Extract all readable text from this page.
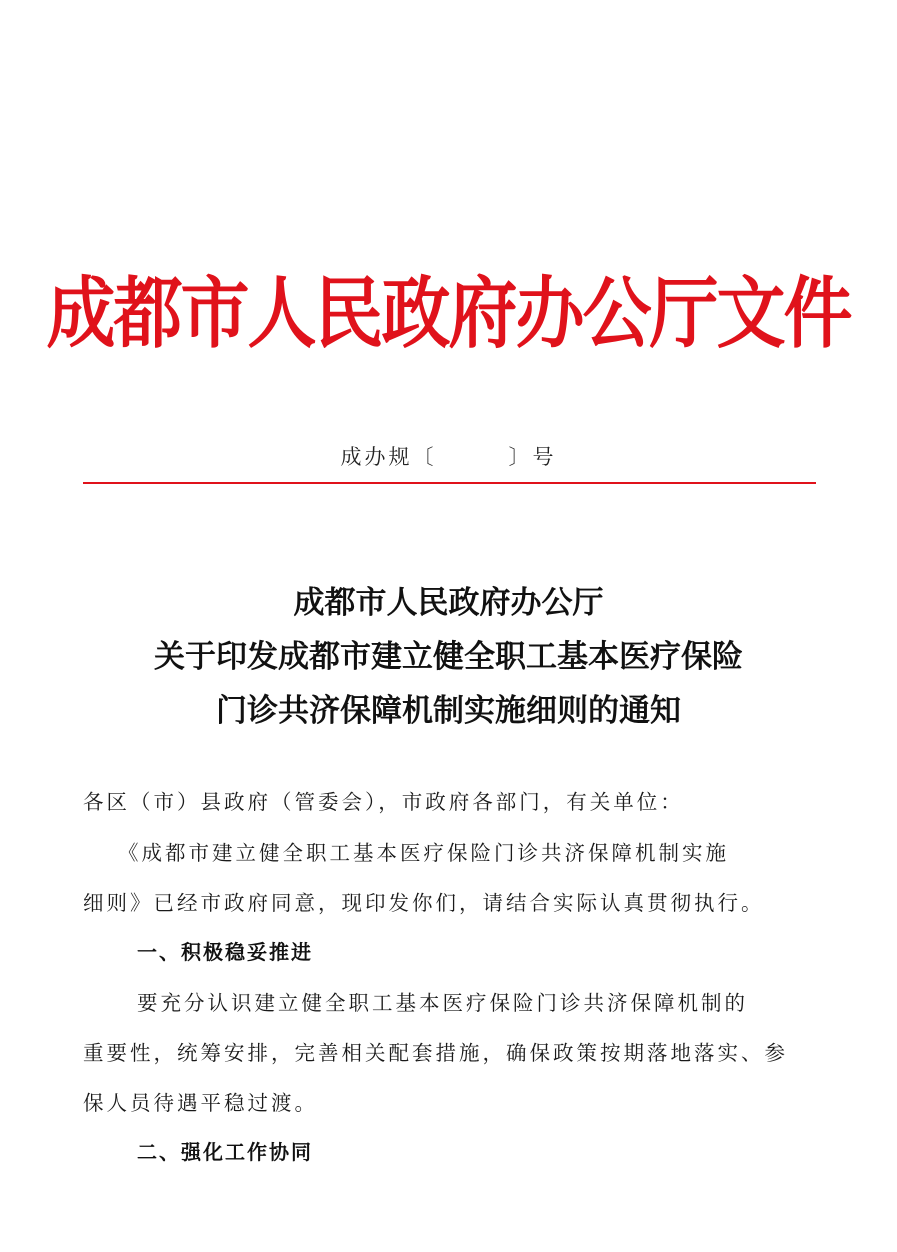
成都市人民政府办公厅文件
成办规〔　　　〕号
成都市人民政府办公厅
关于印发成都市建立健全职工基本医疗保险
门诊共济保障机制实施细则的通知
各区（市）县政府（管委会），市政府各部门，有关单位：
《成都市建立健全职工基本医疗保险门诊共济保障机制实施
细则》已经市政府同意，现印发你们，请结合实际认真贯彻执行。
一、积极稳妥推进
要充分认识建立健全职工基本医疗保险门诊共济保障机制的
重要性，统筹安排，完善相关配套措施，确保政策按期落地落实、参
保人员待遇平稳过渡。
二、强化工作协同
